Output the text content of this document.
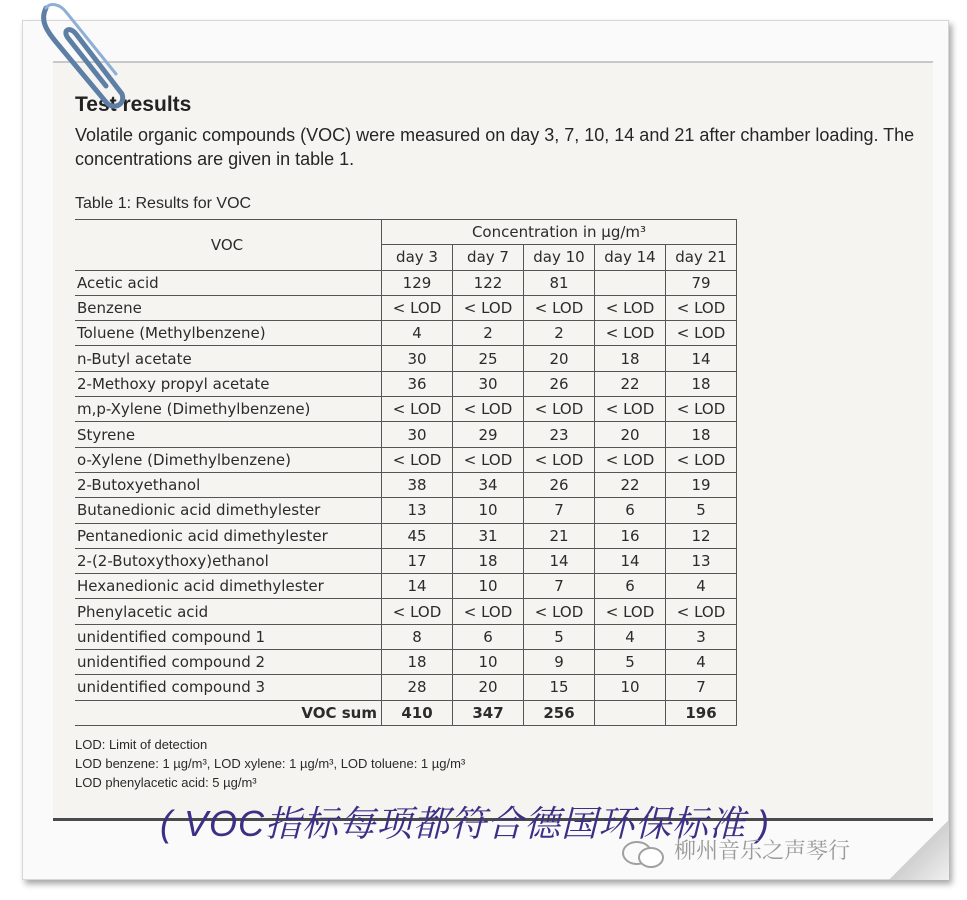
Test results
Volatile organic compounds (VOC) were measured on day 3, 7, 10, 14 and 21 after chamber loading. The concentrations are given in table 1.
Table 1: Results for VOC
VOC	Concentration in µg/m³				
	day 3	day 7	day 10	day 14	day 21
Acetic acid	129	122	81		79
Benzene	< LOD	< LOD	< LOD	< LOD	< LOD
Toluene (Methylbenzene)	4	2	2	< LOD	< LOD
n-Butyl acetate	30	25	20	18	14
2-Methoxy propyl acetate	36	30	26	22	18
m,p-Xylene (Dimethylbenzene)	< LOD	< LOD	< LOD	< LOD	< LOD
Styrene	30	29	23	20	18
o-Xylene (Dimethylbenzene)	< LOD	< LOD	< LOD	< LOD	< LOD
2-Butoxyethanol	38	34	26	22	19
Butanedionic acid dimethylester	13	10	7	6	5
Pentanedionic acid dimethylester	45	31	21	16	12
2-(2-Butoxythoxy)ethanol	17	18	14	14	13
Hexanedionic acid dimethylester	14	10	7	6	4
Phenylacetic acid	< LOD	< LOD	< LOD	< LOD	< LOD
unidentified compound 1	8	6	5	4	3
unidentified compound 2	18	10	9	5	4
unidentified compound 3	28	20	15	10	7
VOC sum	410	347	256		196
LOD: Limit of detection
LOD benzene: 1 µg/m³, LOD xylene: 1 µg/m³, LOD toluene: 1 µg/m³
LOD phenylacetic acid: 5 µg/m³
( VOC指标每项都符合德国环保标准 )
柳州音乐之声琴行
